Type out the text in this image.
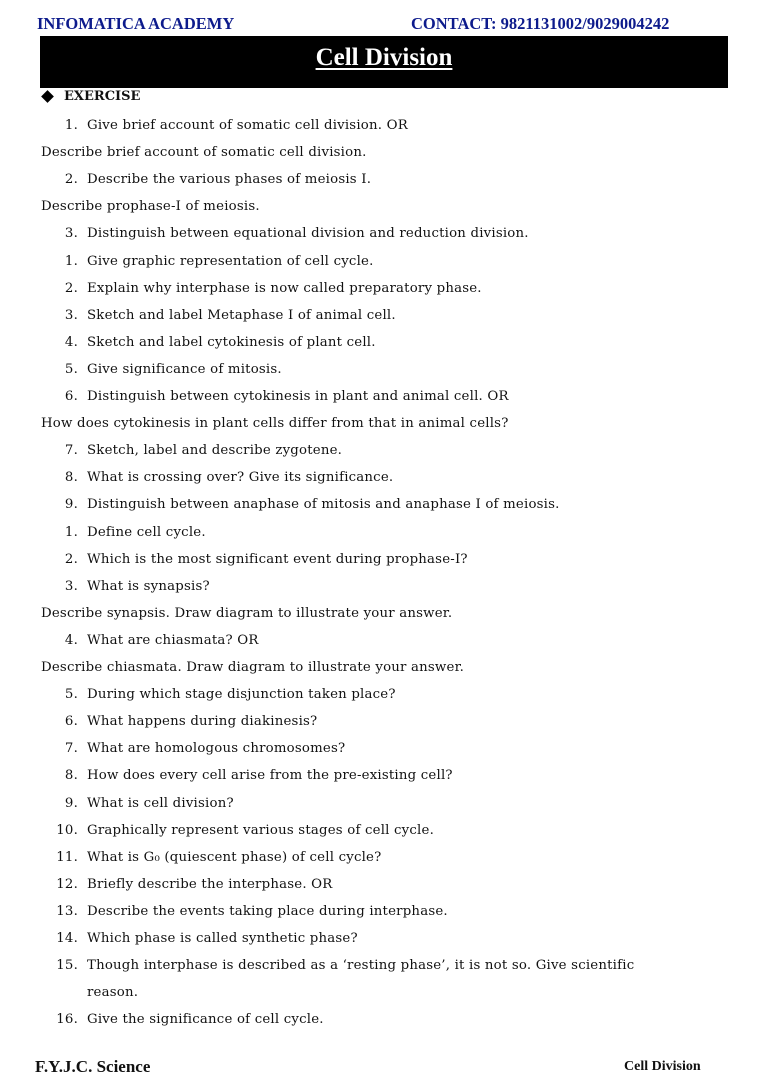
INFOMATICA ACADEMY	CONTACT: 9821131002/9029004242
Cell Division
EXERCISE
1. Give brief account of somatic cell division. OR
Describe brief account of somatic cell division.
2. Describe the various phases of meiosis I.
Describe prophase-I of meiosis.
3. Distinguish between equational division and reduction division.
1. Give graphic representation of cell cycle.
2. Explain why interphase is now called preparatory phase.
3. Sketch and label Metaphase I of animal cell.
4. Sketch and label cytokinesis of plant cell.
5. Give significance of mitosis.
6. Distinguish between cytokinesis in plant and animal cell. OR
How does cytokinesis in plant cells differ from that in animal cells?
7. Sketch, label and describe zygotene.
8. What is crossing over? Give its significance.
9. Distinguish between anaphase of mitosis and anaphase I of meiosis.
1. Define cell cycle.
2. Which is the most significant event during prophase-I?
3. What is synapsis?
Describe synapsis. Draw diagram to illustrate your answer.
4. What are chiasmata? OR
Describe chiasmata. Draw diagram to illustrate your answer.
5. During which stage disjunction taken place?
6. What happens during diakinesis?
7. What are homologous chromosomes?
8. How does every cell arise from the pre-existing cell?
9. What is cell division?
10. Graphically represent various stages of cell cycle.
11. What is G₀ (quiescent phase) of cell cycle?
12. Briefly describe the interphase. OR
13. Describe the events taking place during interphase.
14. Which phase is called synthetic phase?
15. Though interphase is described as a ‘resting phase’, it is not so. Give scientific
reason.
16. Give the significance of cell cycle.
F.Y.J.C. Science	Cell Division
